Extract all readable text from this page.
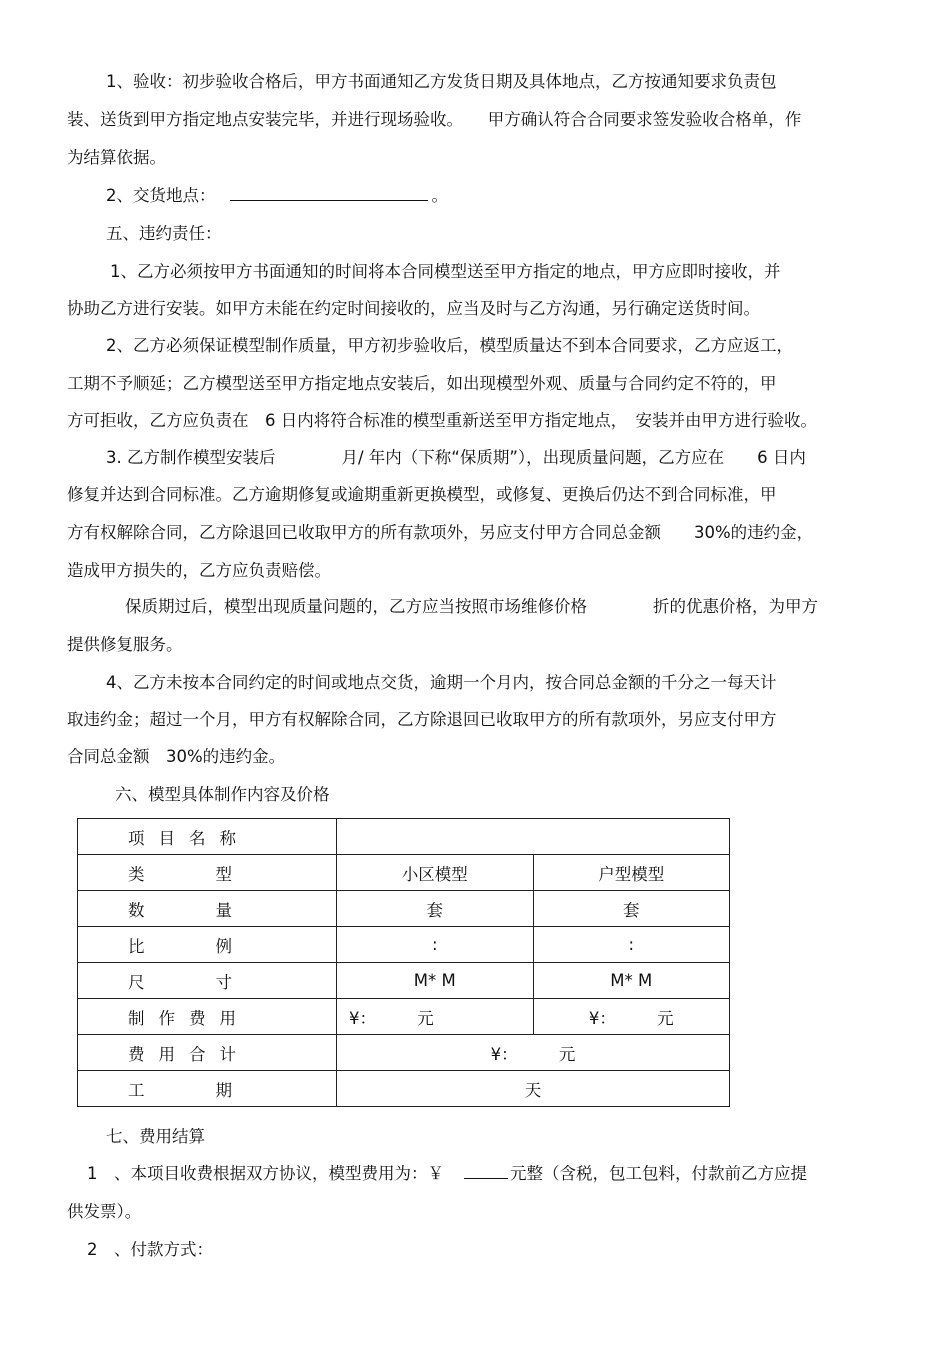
1、验收：初步验收合格后，甲方书面通知乙方发货日期及具体地点，乙方按通知要求负责包
装、送货到甲方指定地点安装完毕，并进行现场验收。　　甲方确认符合合同要求签发验收合格单，作
为结算依据。
2、交货地点：	。
五、违约责任：
1、乙方必须按甲方书面通知的时间将本合同模型送至甲方指定的地点，甲方应即时接收，并
协助乙方进行安装。如甲方未能在约定时间接收的，应当及时与乙方沟通，另行确定送货时间。
2、乙方必须保证模型制作质量，甲方初步验收后，模型质量达不到本合同要求，乙方应返工，
工期不予顺延；乙方模型送至甲方指定地点安装后，如出现模型外观、质量与合同约定不符的，甲
方可拒收，乙方应负责在　6 日内将符合标准的模型重新送至甲方指定地点，　安装并由甲方进行验收。
3. 乙方制作模型安装后　　　　月/ 年内（下称“保质期”），出现质量问题，乙方应在　　6 日内
修复并达到合同标准。乙方逾期修复或逾期重新更换模型，或修复、更换后仍达不到合同标准，甲
方有权解除合同，乙方除退回已收取甲方的所有款项外，另应支付甲方合同总金额　　30%的违约金，
造成甲方损失的，乙方应负责赔偿。
保质期过后，模型出现质量问题的，乙方应当按照市场维修价格　　　　折的优惠价格，为甲方
提供修复服务。
4、乙方未按本合同约定的时间或地点交货，逾期一个月内，按合同总金额的千分之一每天计
取违约金；超过一个月，甲方有权解除合同，乙方除退回已收取甲方的所有款项外，另应支付甲方
合同总金额　30%的违约金。
六、模型具体制作内容及价格
项目名称		

类 型	小区模型	户型模型

数 量	套	套

比 例	:	:

尺 寸	M* M	M* M
制作费用	¥：　　　元	¥：　　　元
费用合计	¥：　　　元	

工 期	天	
七、费用结算
1　、本项目收费根据双方协议，模型费用为：￥	元整（含税，包工包料，付款前乙方应提
供发票）。
2　、付款方式：
